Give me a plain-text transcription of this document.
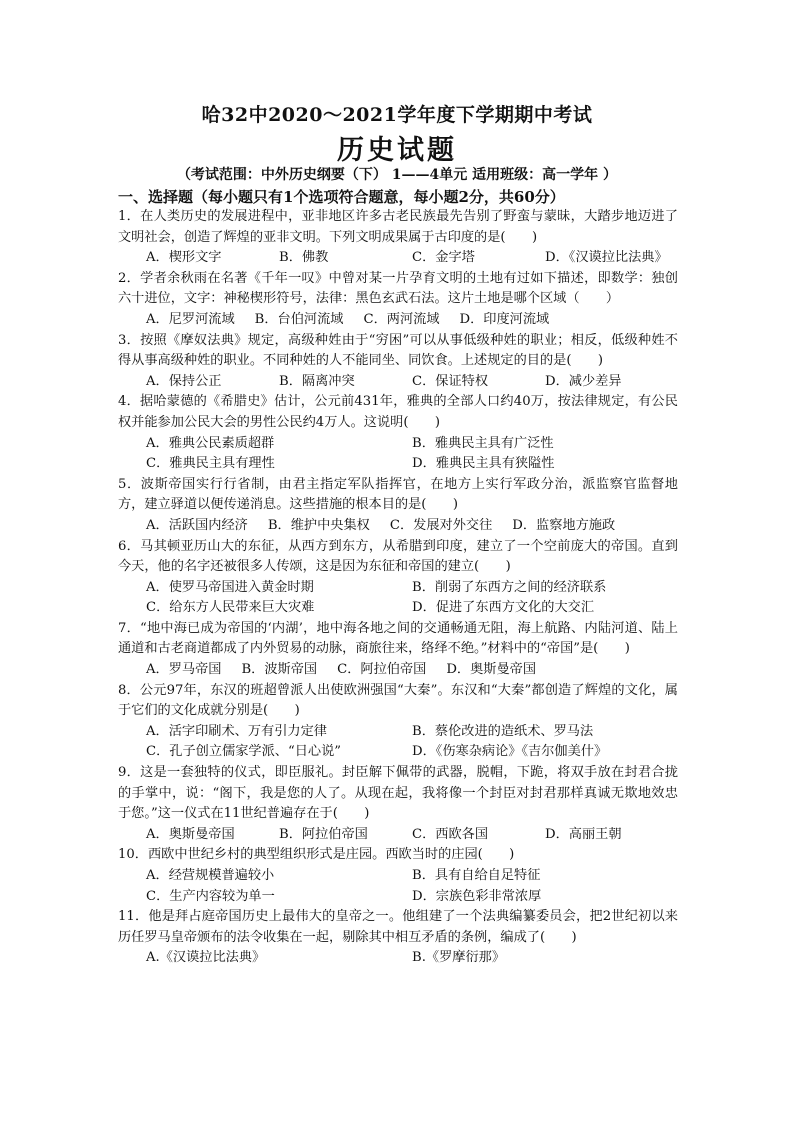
哈32中2020～2021学年度下学期期中考试
历史试题
（考试范围：中外历史纲要（下） 1——4单元 适用班级：高一学年 ）
一、选择题（每小题只有1个选项符合题意，每小题2分，共60分）

1．在人类历史的发展进程中，亚非地区许多古老民族最先告别了野蛮与蒙昧，大踏步地迈进了文明社会，创造了辉煌的亚非文明。下列文明成果属于古印度的是(　　)

A．楔形文字	B．佛教	C．金字塔	D．《汉谟拉比法典》

2．学者余秋雨在名著《千年一叹》中曾对某一片孕育文明的土地有过如下描述，即数学：独创六十进位，文字：神秘楔形符号，法律：黑色玄武石法。这片土地是哪个区域（　　）

A．尼罗河流域 B．台伯河流域 C．两河流域 D．印度河流域

3．按照《摩奴法典》规定，高级种姓由于“穷困”可以从事低级种姓的职业；相反，低级种姓不得从事高级种姓的职业。不同种姓的人不能同坐、同饮食。上述规定的目的是(　　)

A．保持公正	B．隔离冲突	C．保证特权	D．减少差异

4．据哈蒙德的《希腊史》估计，公元前431年，雅典的全部人口约40万，按法律规定，有公民权并能参加公民大会的男性公民约4万人。这说明(　　)

A．雅典公民素质超群	B．雅典民主具有广泛性
C．雅典民主具有理性	D．雅典民主具有狭隘性

5．波斯帝国实行行省制，由君主指定军队指挥官，在地方上实行军政分治，派监察官监督地方，建立驿道以便传递消息。这些措施的根本目的是(　　)

A．活跃国内经济 B．维护中央集权 C．发展对外交往 D．监察地方施政

6．马其顿亚历山大的东征，从西方到东方，从希腊到印度，建立了一个空前庞大的帝国。直到今天，他的名字还被很多人传颂，这是因为东征和帝国的建立(　　)

A．使罗马帝国进入黄金时期	B．削弱了东西方之间的经济联系
C．给东方人民带来巨大灾难	D．促进了东西方文化的大交汇

7．“地中海已成为帝国的‘内湖’，地中海各地之间的交通畅通无阻，海上航路、内陆河道、陆上通道和古老商道都成了内外贸易的动脉，商旅往来，络绎不绝。”材料中的“帝国”是(　　)

A．罗马帝国 B．波斯帝国 C．阿拉伯帝国 D．奥斯曼帝国

8．公元97年，东汉的班超曾派人出使欧洲强国“大秦”。东汉和“大秦”都创造了辉煌的文化，属于它们的文化成就分别是(　　)

A．活字印刷术、万有引力定律	B．蔡伦改进的造纸术、罗马法
C．孔子创立儒家学派、“日心说”	D．《伤寒杂病论》《吉尔伽美什》

9．这是一套独特的仪式，即臣服礼。封臣解下佩带的武器，脱帽，下跪，将双手放在封君合拢的手掌中，说：“阁下，我是您的人了。从现在起，我将像一个封臣对封君那样真诚无欺地效忠于您。”这一仪式在11世纪普遍存在于(　　)

A．奥斯曼帝国	B．阿拉伯帝国	C．西欧各国	D．高丽王朝

10．西欧中世纪乡村的典型组织形式是庄园。西欧当时的庄园(　　)

A．经营规模普遍较小	B．具有自给自足特征
C．生产内容较为单一	D．宗族色彩非常浓厚

11．他是拜占庭帝国历史上最伟大的皇帝之一。他组建了一个法典编纂委员会，把2世纪初以来历任罗马皇帝颁布的法令收集在一起，剔除其中相互矛盾的条例，编成了(　　)

A.《汉谟拉比法典》	B.《罗摩衍那》
